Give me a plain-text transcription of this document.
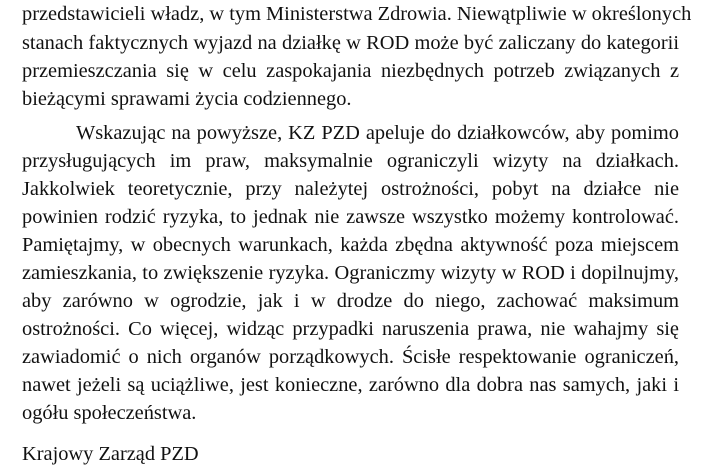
przedstawicieli władz, w tym Ministerstwa Zdrowia. Niewątpliwie w określonych
stanach faktycznych wyjazd na działkę w ROD może być zaliczany do kategorii
przemieszczania się w celu zaspokajania niezbędnych potrzeb związanych z
bieżącymi sprawami życia codziennego.
Wskazując na powyższe, KZ PZD apeluje do działkowców, aby pomimo
przysługujących im praw, maksymalnie ograniczyli wizyty na działkach.
Jakkolwiek teoretycznie, przy należytej ostrożności, pobyt na działce nie
powinien rodzić ryzyka, to jednak nie zawsze wszystko możemy kontrolować.
Pamiętajmy, w obecnych warunkach, każda zbędna aktywność poza miejscem
zamieszkania, to zwiększenie ryzyka. Ograniczmy wizyty w ROD i dopilnujmy,
aby zarówno w ogrodzie, jak i w drodze do niego, zachować maksimum
ostrożności. Co więcej, widząc przypadki naruszenia prawa, nie wahajmy się
zawiadomić o nich organów porządkowych. Ścisłe respektowanie ograniczeń,
nawet jeżeli są uciążliwe, jest konieczne, zarówno dla dobra nas samych, jaki i
ogółu społeczeństwa.
Krajowy Zarząd PZD
